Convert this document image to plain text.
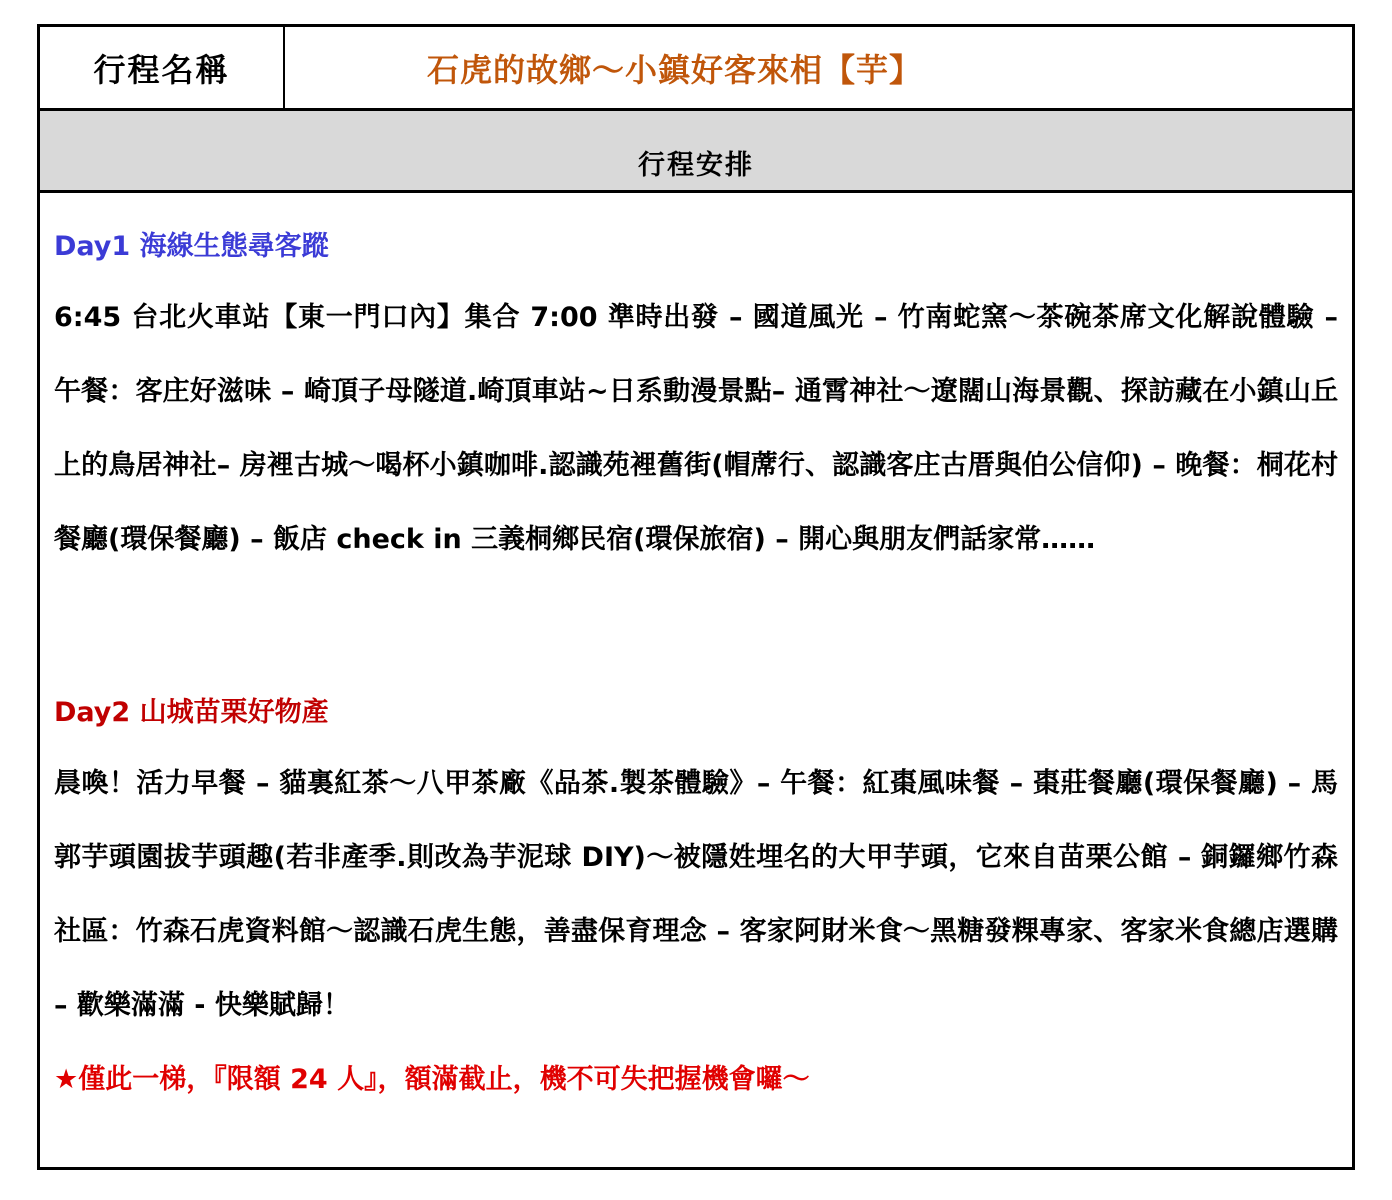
行程名稱	石虎的故鄉～小鎮好客來相【芋】
行程安排

Day1 海線生態尋客蹤

6:45 台北火車站【東一門口內】集合 7:00 準時出發 – 國道風光 – 竹南蛇窯～茶碗茶席文化解說體驗 – 午餐：客庄好滋味 – 崎頂子母隧道.崎頂車站~日系動漫景點– 通霄神社～遼闊山海景觀、探訪藏在小鎮山丘上的鳥居神社– 房裡古城～喝杯小鎮咖啡.認識苑裡舊街(帽蓆行、認識客庄古厝與伯公信仰) – 晚餐：桐花村餐廳(環保餐廳) – 飯店 check in 三義桐鄉民宿(環保旅宿) – 開心與朋友們話家常……

Day2 山城苗栗好物產

晨喚！活力早餐 – 貓裏紅茶～八甲茶廠《品茶.製茶體驗》– 午餐：紅棗風味餐 – 棗莊餐廳(環保餐廳) – 馬郭芋頭園拔芋頭趣(若非產季.則改為芋泥球 DIY)～被隱姓埋名的大甲芋頭，它來自苗栗公館 – 銅鑼鄉竹森社區：竹森石虎資料館～認識石虎生態，善盡保育理念 – 客家阿財米食～黑糖發粿專家、客家米食總店選購 – 歡樂滿滿 - 快樂賦歸！

★僅此一梯，『限額 24 人』，額滿截止，機不可失把握機會囉～
